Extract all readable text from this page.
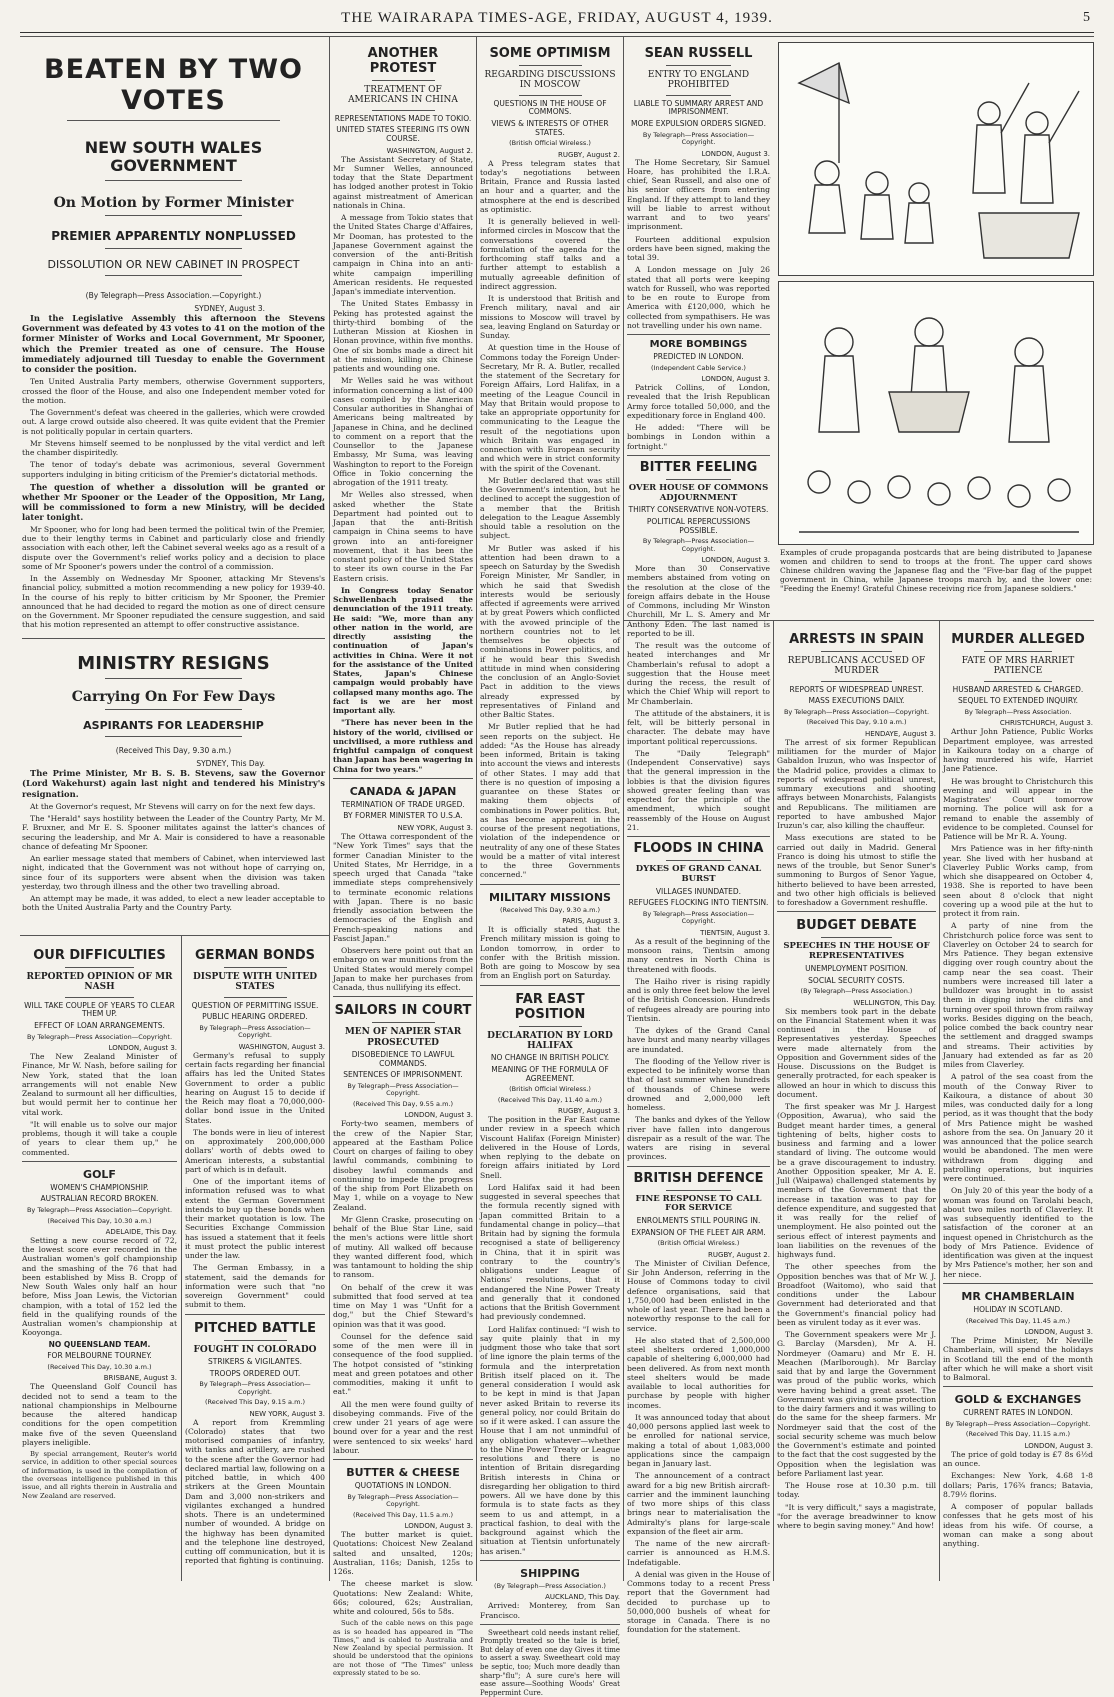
THE WAIRARAPA TIMES-AGE, FRIDAY, AUGUST 4, 1939.	5
BEATEN BY TWO VOTES
NEW SOUTH WALES GOVERNMENT
On Motion by Former Minister
PREMIER APPARENTLY NONPLUSSED
DISSOLUTION OR NEW CABINET IN PROSPECT
(By Telegraph—Press Association.—Copyright.)
SYDNEY, August 3.

In the Legislative Assembly this afternoon the Stevens Government was defeated by 43 votes to 41 on the motion of the former Minister of Works and Local Government, Mr Spooner, which the Premier treated as one of censure. The House immediately adjourned till Tuesday to enable the Government to consider the position.

Ten United Australia Party members, otherwise Government supporters, crossed the floor of the House, and also one Independent member voted for the motion.

The Government's defeat was cheered in the galleries, which were crowded out. A large crowd outside also cheered. It was quite evident that the Premier is not politically popular in certain quarters.

Mr Stevens himself seemed to be nonplussed by the vital verdict and left the chamber dispiritedly.

The tenor of today's debate was acrimonious, several Government supporters indulging in biting criticism of the Premier's dictatorial methods.

The question of whether a dissolution will be granted or whether Mr Spooner or the Leader of the Opposition, Mr Lang, will be commissioned to form a new Ministry, will be decided later tonight.

Mr Spooner, who for long had been termed the political twin of the Premier, due to their lengthy terms in Cabinet and particularly close and friendly association with each other, left the Cabinet several weeks ago as a result of a dispute over the Government's relief works policy and a decision to place some of Mr Spooner's powers under the control of a commission.

In the Assembly on Wednesday Mr Spooner, attacking Mr Stevens's financial policy, submitted a motion recommending a new policy for 1939-40. In the course of his reply to bitter criticism by Mr Spooner, the Premier announced that he had decided to regard the motion as one of direct censure on the Government. Mr Spooner repudiated the censure suggestion, and said that his motion represented an attempt to offer constructive assistance.

MINISTRY RESIGNS
Carrying On For Few Days
ASPIRANTS FOR LEADERSHIP
(Received This Day, 9.30 a.m.)
SYDNEY, This Day.

The Prime Minister, Mr B. S. B. Stevens, saw the Governor (Lord Wakehurst) again last night and tendered his Ministry's resignation.

At the Governor's request, Mr Stevens will carry on for the next few days.

The "Herald" says hostility between the Leader of the Country Party, Mr M. F. Bruxner, and Mr E. S. Spooner militates against the latter's chances of securing the leadership, and Mr A. Mair is considered to have a reasonable chance of defeating Mr Spooner.

An earlier message stated that members of Cabinet, when interviewed last night, indicated that the Government was not without hope of carrying on, since four of its supporters were absent when the division was taken yesterday, two through illness and the other two travelling abroad.

An attempt may be made, it was added, to elect a new leader acceptable to both the United Australia Party and the Country Party.

OUR DIFFICULTIES
REPORTED OPINION OF MR NASH
WILL TAKE COUPLE OF YEARS TO CLEAR THEM UP.
EFFECT OF LOAN ARRANGEMENTS.
By Telegraph—Press Association—Copyright.
LONDON, August 3.

The New Zealand Minister of Finance, Mr W. Nash, before sailing for New York, stated that the loan arrangements will not enable New Zealand to surmount all her difficulties, but would permit her to continue her vital work.

"It will enable us to solve our major problems, though it will take a couple of years to clear them up," he commented.

GOLF
WOMEN'S CHAMPIONSHIP.
AUSTRALIAN RECORD BROKEN.
By Telegraph—Press Association—Copyright.
(Received This Day, 10.30 a.m.)
ADELAIDE, This Day.

Setting a new course record of 72, the lowest score ever recorded in the Australian women's golf championship and the smashing of the 76 that had been established by Miss B. Cropp of New South Wales only half an hour before, Miss Joan Lewis, the Victorian champion, with a total of 152 led the field in the qualifying rounds of the Australian women's championship at Kooyonga.

NO QUEENSLAND TEAM.
FOR MELBOURNE TOURNEY.
(Received This Day, 10.30 a.m.)
BRISBANE, August 3.

The Queensland Golf Council has decided not to send a team to the national championships in Melbourne because the altered handicap conditions for the open competition make five of the seven Queensland players ineligible.

By special arrangement, Reuter's world service, in addition to other special sources of information, is used in the compilation of the overseas intelligence published in this issue, and all rights therein in Australia and New Zealand are reserved.

GERMAN BONDS
DISPUTE WITH UNITED STATES
QUESTION OF PERMITTING ISSUE.
PUBLIC HEARING ORDERED.
By Telegraph—Press Association—Copyright.
WASHINGTON, August 3.

Germany's refusal to supply certain facts regarding her financial affairs has led the United States Government to order a public hearing on August 15 to decide if the Reich may float a 70,000,000-dollar bond issue in the United States.

The bonds were in lieu of interest on approximately 200,000,000 dollars' worth of debts owed to American interests, a substantial part of which is in default.

One of the important items of information refused was to what extent the German Government intends to buy up these bonds when their market quotation is low. The Securities Exchange Commission has issued a statement that it feels it must protect the public interest under the law.

The German Embassy, in a statement, said the demands for information were such that "no sovereign Government" could submit to them.

PITCHED BATTLE
FOUGHT IN COLORADO
STRIKERS & VIGILANTES.
TROOPS ORDERED OUT.
By Telegraph—Press Association—Copyright.
(Received This Day, 9.15 a.m.)
NEW YORK, August 3.

A report from Kremmling (Colorado) states that two motorised companies of infantry, with tanks and artillery, are rushed to the scene after the Governor had declared martial law, following on a pitched battle, in which 400 strikers at the Green Mountain Dam and 3,000 non-strikers and vigilantes exchanged a hundred shots. There is an undetermined number of wounded. A bridge on the highway has been dynamited and the telephone line destroyed, cutting off communication, but it is reported that fighting is continuing.

ANOTHER PROTEST
TREATMENT OF AMERICANS IN CHINA
REPRESENTATIONS MADE TO TOKIO.
UNITED STATES STEERING ITS OWN COURSE.
WASHINGTON, August 2.

The Assistant Secretary of State, Mr Sumner Welles, announced today that the State Department has lodged another protest in Tokio against mistreatment of American nationals in China.

A message from Tokio states that the United States Charge d'Affaires, Mr Dooman, has protested to the Japanese Government against the conversion of the anti-British campaign in China into an anti-white campaign imperilling American residents. He requested Japan's immediate intervention.

The United States Embassy in Peking has protested against the thirty-third bombing of the Lutheran Mission at Kioshen in Honan province, within five months. One of six bombs made a direct hit at the mission, killing six Chinese patients and wounding one.

Mr Welles said he was without information concerning a list of 400 cases compiled by the American Consular authorities in Shanghai of Americans being maltreated by Japanese in China, and he declined to comment on a report that the Counsellor to the Japanese Embassy, Mr Suma, was leaving Washington to report to the Foreign Office in Tokio concerning the abrogation of the 1911 treaty.

Mr Welles also stressed, when asked whether the State Department had pointed out to Japan that the anti-British campaign in China seems to have grown into an anti-foreigner movement, that it has been the constant policy of the United States to steer its own course in the Far Eastern crisis.

In Congress today Senator Schwellenbach praised the denunciation of the 1911 treaty. He said: "We, more than any other nation in the world, are directly assisting the continuation of Japan's activities in China. Were it not for the assistance of the United States, Japan's Chinese campaign would probably have collapsed many months ago. The fact is we are her most important ally.

"There has never been in the history of the world, civilised or uncivilised, a more ruthless and frightful campaign of conquest than Japan has been wagering in China for two years."

CANADA & JAPAN
TERMINATION OF TRADE URGED.
BY FORMER MINISTER TO U.S.A.
NEW YORK, August 3.

The Ottawa correspondent of the "New York Times" says that the former Canadian Minister to the United States, Mr Herridge, in a speech urged that Canada "take immediate steps comprehensively to terminate economic relations with Japan. There is no basic friendly association between the democracies of the English and French-speaking nations and Fascist Japan."

Observers here point out that an embargo on war munitions from the United States would merely compel Japan to make her purchases from Canada, thus nullifying its effect.

SAILORS IN COURT
MEN OF NAPIER STAR PROSECUTED
DISOBEDIENCE TO LAWFUL COMMANDS.
SENTENCES OF IMPRISONMENT.
By Telegraph—Press Association—Copyright.
(Received This Day, 9.55 a.m.)
LONDON, August 3.

Forty-two seamen, members of the crew of the Napier Star, appeared at the Eastham Police Court on charges of failing to obey lawful commands, combining to disobey lawful commands and continuing to impede the progress of the ship from Port Elizabeth on May 1, while on a voyage to New Zealand.

Mr Glenn Craske, prosecuting on behalf of the Blue Star Line, said the men's actions were little short of mutiny. All walked off because they wanted different food, which was tantamount to holding the ship to ransom.

On behalf of the crew it was submitted that food served at tea time on May 1 was "Unfit for a dog," but the Chief Steward's opinion was that it was good.

Counsel for the defence said some of the men were ill in consequence of the food supplied. The hotpot consisted of "stinking meat and green potatoes and other commodities, making it unfit to eat."

All the men were found guilty of disobeying commands. Five of the crew under 21 years of age were bound over for a year and the rest were sentenced to six weeks' hard labour.

BUTTER & CHEESE
QUOTATIONS IN LONDON.
By Telegraph—Press Association—Copyright.
(Received This Day, 11.5 a.m.)
LONDON, August 3.

The butter market is quiet. Quotations: Choicest New Zealand salted and unsalted, 120s; Australian, 116s; Danish, 125s to 126s.

The cheese market is slow. Quotations: New Zealand: White, 66s; coloured, 62s; Australian, white and coloured, 56s to 58s.

Such of the cable news on this page as is so headed has appeared in "The Times," and is cabled to Australia and New Zealand by special permission. It should be understood that the opinions are not those of "The Times" unless expressly stated to be so.

SOME OPTIMISM
REGARDING DISCUSSIONS IN MOSCOW
QUESTIONS IN THE HOUSE OF COMMONS.
VIEWS & INTERESTS OF OTHER STATES.
(British Official Wireless.)
RUGBY, August 2.

A Press telegram states that today's negotiations between Britain, France and Russia lasted an hour and a quarter, and the atmosphere at the end is described as optimistic.

It is generally believed in well-informed circles in Moscow that the conversations covered the formulation of the agenda for the forthcoming staff talks and a further attempt to establish a mutually agreeable definition of indirect aggression.

It is understood that British and French military, naval and air missions to Moscow will travel by sea, leaving England on Saturday or Sunday.

At question time in the House of Commons today the Foreign Under-Secretary, Mr R. A. Butler, recalled the statement of the Secretary for Foreign Affairs, Lord Halifax, in a meeting of the League Council in May that Britain would propose to take an appropriate opportunity for communicating to the League the result of the negotiations upon which Britain was engaged in connection with European security and which were in strict conformity with the spirit of the Covenant.

Mr Butler declared that was still the Government's intention, but he declined to accept the suggestion of a member that the British delegation to the League Assembly should table a resolution on the subject.

Mr Butler was asked if his attention had been drawn to a speech on Saturday by the Swedish Foreign Minister, Mr Sandler, in which he said that Swedish interests would be seriously affected if agreements were arrived at by great Powers which conflicted with the avowed principle of the northern countries not to let themselves be objects of combinations in Power politics, and if he would bear this Swedish attitude in mind when considering the conclusion of an Anglo-Soviet Pact in addition to the views already expressed by representatives of Finland and other Baltic States.

Mr Butler replied that he had seen reports on the subject. He added: "As the House has already been informed, Britain is taking into account the views and interests of other States. I may add that there is no question of imposing a guarantee on these States or making them objects of combinations in Power politics. But, as has become apparent in the course of the present negotiations, violation of the independence or neutrality of any one of these States would be a matter of vital interest to the three Governments concerned."

MILITARY MISSIONS
(Received This Day, 9.30 a.m.)
PARIS, August 3.

It is officially stated that the French military mission is going to London tomorrow, in order to confer with the British mission. Both are going to Moscow by sea from an English port on Saturday.

FAR EAST POSITION
DECLARATION BY LORD HALIFAX
NO CHANGE IN BRITISH POLICY.
MEANING OF THE FORMULA OF AGREEMENT.
(British Official Wireless.)
(Received This Day, 11.40 a.m.)
RUGBY, August 3.

The position in the Far East came under review in a speech which Viscount Halifax (Foreign Minister) delivered in the House of Lords, when replying to the debate on foreign affairs initiated by Lord Snell.

Lord Halifax said it had been suggested in several speeches that the formula recently signed with Japan committed Britain to a fundamental change in policy—that Britain had by signing the formula recognised a state of belligerency in China, that it in spirit was contrary to the country's obligations under League of Nations' resolutions, that it endangered the Nine Power Treaty and generally that it condoned actions that the British Government had previously condemned.

Lord Halifax continued: "I wish to say quite plainly that in my judgment those who take that sort of line ignore the plain terms of the formula and the interpretation British itself placed on it. The general consideration I would ask to be kept in mind is that Japan never asked Britain to reverse its general policy, nor could Britain do so if it were asked. I can assure the House that I am not unmindful of any obligation whatever—whether to the Nine Power Treaty or League resolutions and there is no intention of Britain disregarding British interests in China or disregarding her obligation to third powers. All we have done by this formula is to state facts as they seem to us and attempt, in a practical fashion, to deal with the background against which the situation at Tientsin unfortunately has arisen."

SHIPPING
(By Telegraph—Press Association.)
AUCKLAND, This Day.

Arrived: Monterey, from San Francisco.

Sweetheart cold needs instant relief, Promptly treated so the tale is brief, But delay of even one day Gives it time to assert a sway. Sweetheart cold may be septic, too; Much more deadly than sharp-"flu"; A sure cure's here will ease assure—Soothing Woods' Great Peppermint Cure.

SEAN RUSSELL
ENTRY TO ENGLAND PROHIBITED
LIABLE TO SUMMARY ARREST AND IMPRISONMENT.
MORE EXPULSION ORDERS SIGNED.
By Telegraph—Press Association—Copyright.
LONDON, August 3.

The Home Secretary, Sir Samuel Hoare, has prohibited the I.R.A. chief, Sean Russell, and also one of his senior officers from entering England. If they attempt to land they will be liable to arrest without warrant and to two years' imprisonment.

Fourteen additional expulsion orders have been signed, making the total 39.

A London message on July 26 stated that all ports were keeping watch for Russell, who was reported to be en route to Europe from America with £120,000, which he collected from sympathisers. He was not travelling under his own name.

MORE BOMBINGS
PREDICTED IN LONDON.
(Independent Cable Service.)
LONDON, August 3.

Patrick Collins, of London, revealed that the Irish Republican Army force totalled 50,000, and the expeditionary force in England 400.

He added: "There will be bombings in London within a fortnight."

BITTER FEELING
OVER HOUSE OF COMMONS ADJOURNMENT
THIRTY CONSERVATIVE NON-VOTERS.
POLITICAL REPERCUSSIONS POSSIBLE.
By Telegraph—Press Association—Copyright.
LONDON, August 3.

More than 30 Conservative members abstained from voting on the resolution at the close of the foreign affairs debate in the House of Commons, including Mr Winston Churchill, Mr L. S. Amery and Mr Anthony Eden. The last named is reported to be ill.

The result was the outcome of heated interchanges and Mr Chamberlain's refusal to adopt a suggestion that the House meet during the recess, the result of which the Chief Whip will report to Mr Chamberlain.

The attitude of the abstainers, it is felt, will be bitterly personal in character. The debate may have important political repercussions.

The "Daily Telegraph" (Independent Conservative) says that the general impression in the lobbies is that the division figures showed greater feeling than was expected for the principle of the amendment, which sought reassembly of the House on August 21.

FLOODS IN CHINA
DYKES OF GRAND CANAL BURST
VILLAGES INUNDATED.
REFUGEES FLOCKING INTO TIENTSIN.
By Telegraph—Press Association—Copyright.
TIENTSIN, August 3.

As a result of the beginning of the monsoon rains, Tientsin among many centres in North China is threatened with floods.

The Haiho river is rising rapidly and is only three feet below the level of the British Concession. Hundreds of refugees already are pouring into Tientsin.

The dykes of the Grand Canal have burst and many nearby villages are inundated.

The flooding of the Yellow river is expected to be infinitely worse than that of last summer when hundreds of thousands of Chinese were drowned and 2,000,000 left homeless.

The banks and dykes of the Yellow river have fallen into dangerous disrepair as a result of the war. The waters are rising in several provinces.

BRITISH DEFENCE
FINE RESPONSE TO CALL FOR SERVICE
ENROLMENTS STILL POURING IN.
EXPANSION OF THE FLEET AIR ARM.
(British Official Wireless.)
RUGBY, August 2.

The Minister of Civilian Defence, Sir John Anderson, referring in the House of Commons today to civil defence organisations, said that 1,750,000 had been enlisted in the whole of last year. There had been a noteworthy response to the call for service.

He also stated that of 2,500,000 steel shelters ordered 1,000,000 capable of sheltering 6,000,000 had been delivered. As from next month steel shelters would be made available to local authorities for purchase by people with higher incomes.

It was announced today that about 40,000 persons applied last week to be enrolled for national service, making a total of about 1,083,000 applications since the campaign began in January last.

The announcement of a contract award for a big new British aircraft-carrier and the imminent launching of two more ships of this class brings near to materialisation the Admiralty's plans for large-scale expansion of the fleet air arm.

The name of the new aircraft-carrier is announced as H.M.S. Indefatigable.

A denial was given in the House of Commons today to a recent Press report that the Government had decided to purchase up to 50,000,000 bushels of wheat for storage in Canada. There is no foundation for the statement.

Examples of crude propaganda postcards that are being distributed to Japanese women and children to send to troops at the front. The upper card shows Chinese children waving the Japanese flag and the "Five-bar flag of the puppet government in China, while Japanese troops march by, and the lower one: "Feeding the Enemy! Grateful Chinese receiving rice from Japanese soldiers."
ARRESTS IN SPAIN
REPUBLICANS ACCUSED OF MURDER
REPORTS OF WIDESPREAD UNREST.
MASS EXECUTIONS DAILY.
By Telegraph—Press Association—Copyright.
(Received This Day, 9.10 a.m.)
HENDAYE, August 3.

The arrest of six former Republican militiamen for the murder of Major Gabaldon Iruzun, who was Inspector of the Madrid police, provides a climax to reports of widespread political unrest, summary executions and shooting affrays between Monarchists, Falangists and Republicans. The militiamen are reported to have ambushed Major Iruzun's car, also killing the chauffeur.

Mass executions are stated to be carried out daily in Madrid. General Franco is doing his utmost to stifle the news of the trouble, but Senor Suner's summoning to Burgos of Senor Yague, hitherto believed to have been arrested, and two other high officials is believed to foreshadow a Government reshuffle.

BUDGET DEBATE
SPEECHES IN THE HOUSE OF REPRESENTATIVES
UNEMPLOYMENT POSITION.
SOCIAL SECURITY COSTS.
(By Telegraph—Press Association.)
WELLINGTON, This Day.

Six members took part in the debate on the Financial Statement when it was continued in the House of Representatives yesterday. Speeches were made alternately from the Opposition and Government sides of the House. Discussions on the Budget is generally protracted, for each speaker is allowed an hour in which to discuss this document.

The first speaker was Mr J. Hargest (Opposition, Awarua), who said the Budget meant harder times, a general tightening of belts, higher costs to business and farming and a lower standard of living. The outcome would be a grave discouragement to industry. Another Opposition speaker, Mr A. E. Jull (Waipawa) challenged statements by members of the Government that the increase in taxation was to pay for defence expenditure, and suggested that it was really for the relief of unemployment. He also pointed out the serious effect of interest payments and loan liabilities on the revenues of the highways fund.

The other speeches from the Opposition benches was that of Mr W. J. Broadfoot (Waitomo), who said that conditions under the Labour Government had deteriorated and that the Government's financial policy had been as virulent today as it ever was.

The Government speakers were Mr J. G. Barclay (Marsden), Mr A. H. Nordmeyer (Oamaru) and Mr E. H. Meachen (Marlborough). Mr Barclay said that by and large the Government was proud of the public works, which were having behind a great asset. The Government was giving some protection to the dairy farmers and it was willing to do the same for the sheep farmers. Mr Nordmeyer said that the cost of the social security scheme was much below the Government's estimate and pointed to the fact that the cost suggested by the Opposition when the legislation was before Parliament last year.

The House rose at 10.30 p.m. till today.

"It is very difficult," says a magistrate, "for the average breadwinner to know where to begin saving money." And how!

MURDER ALLEGED
FATE OF MRS HARRIET PATIENCE
HUSBAND ARRESTED & CHARGED.
SEQUEL TO EXTENDED INQUIRY.
By Telegraph—Press Association.
CHRISTCHURCH, August 3.

Arthur John Patience, Public Works Department employee, was arrested in Kaikoura today on a charge of having murdered his wife, Harriet Jane Patience.

He was brought to Christchurch this evening and will appear in the Magistrates' Court tomorrow morning. The police will ask for a remand to enable the assembly of evidence to be completed. Counsel for Patience will be Mr R. A. Young.

Mrs Patience was in her fifty-ninth year. She lived with her husband at Claverley Public Works camp, from which she disappeared on October 4, 1938. She is reported to have been seen about 8 o'clock that night covering up a wood pile at the hut to protect it from rain.

A party of nine from the Christchurch police force was sent to Claverley on October 24 to search for Mrs Patience. They began extensive digging over rough country about the camp near the sea coast. Their numbers were increased till later a bulldozer was brought in to assist them in digging into the cliffs and turning over spoil thrown from railway works. Besides digging on the beach, police combed the back country near the settlement and dragged swamps and streams. Their activities by January had extended as far as 20 miles from Claverley.

A patrol of the sea coast from the mouth of the Conway River to Kaikoura, a distance of about 30 miles, was conducted daily for a long period, as it was thought that the body of Mrs Patience might be washed ashore from the sea. On January 20 it was announced that the police search would be abandoned. The men were withdrawn from digging and patrolling operations, but inquiries were continued.

On July 20 of this year the body of a woman was found on Tarolahi beach, about two miles north of Claverley. It was subsequently identified to the satisfaction of the coroner at an inquest opened in Christchurch as the body of Mrs Patience. Evidence of identification was given at the inquest by Mrs Patience's mother, her son and her niece.

MR CHAMBERLAIN
HOLIDAY IN SCOTLAND.
(Received This Day, 11.45 a.m.)
LONDON, August 3.

The Prime Minister, Mr Neville Chamberlain, will spend the holidays in Scotland till the end of the month after which he will make a short visit to Balmoral.

GOLD & EXCHANGES
CURRENT RATES IN LONDON.
By Telegraph—Press Association—Copyright.
(Received This Day, 11.15 a.m.)
LONDON, August 3.

The price of gold today is £7 8s 6½d an ounce.

Exchanges: New York, 4.68 1-8 dollars; Paris, 176¾ francs; Batavia, 8.79½ florins.

A composer of popular ballads confesses that he gets most of his ideas from his wife. Of course, a woman can make a song about anything.
